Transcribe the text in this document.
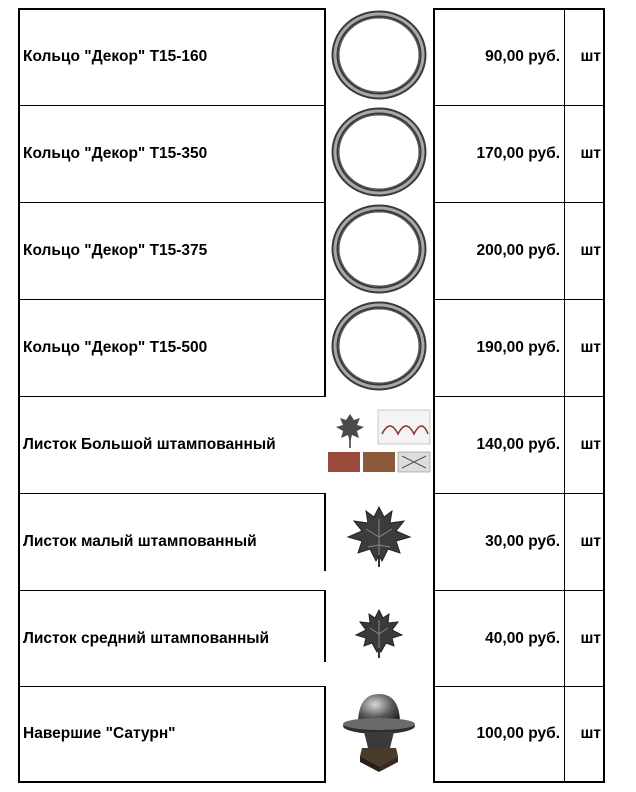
Кольцо "Декор" Т15-160	90,00 руб.	шт
Кольцо "Декор" Т15-350	170,00 руб.	шт
Кольцо "Декор" Т15-375	200,00 руб.	шт
Кольцо "Декор" Т15-500	190,00 руб.	шт
Листок Большой штампованный	140,00 руб.	шт
Листок малый штампованный	30,00 руб.	шт
Листок средний штампованный	40,00 руб.	шт
Навершие "Сатурн"	100,00 руб.	шт
